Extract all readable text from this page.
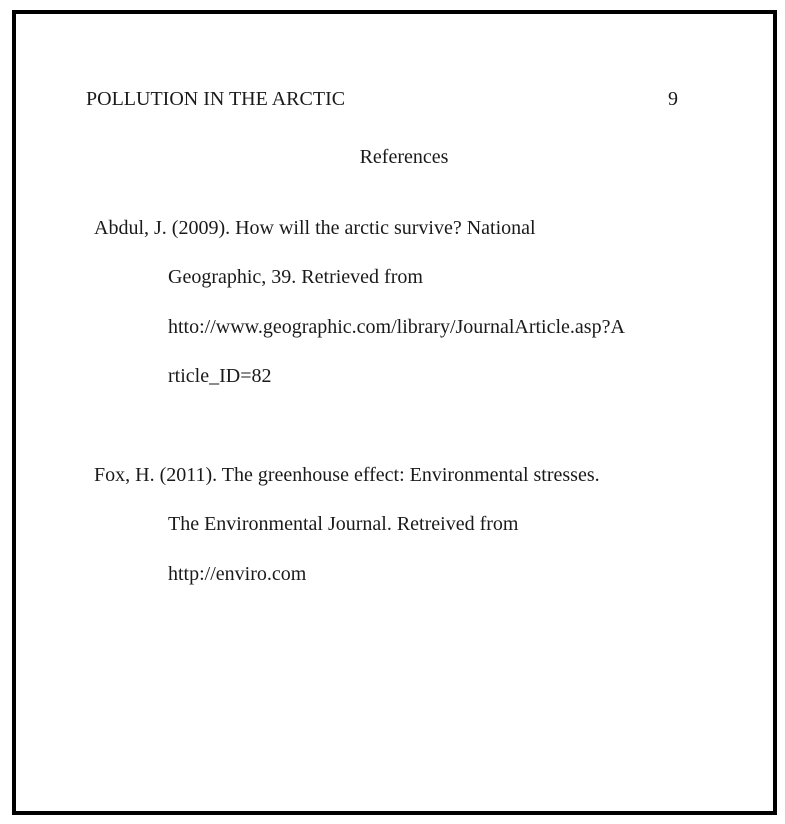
POLLUTION IN THE ARCTIC	9
References
Abdul, J. (2009). How will the arctic survive? National
Geographic, 39. Retrieved from
htto://www.geographic.com/library/JournalArticle.asp?A
rticle_ID=82
Fox, H. (2011). The greenhouse effect: Environmental stresses.
The Environmental Journal. Retreived from
http://enviro.com
